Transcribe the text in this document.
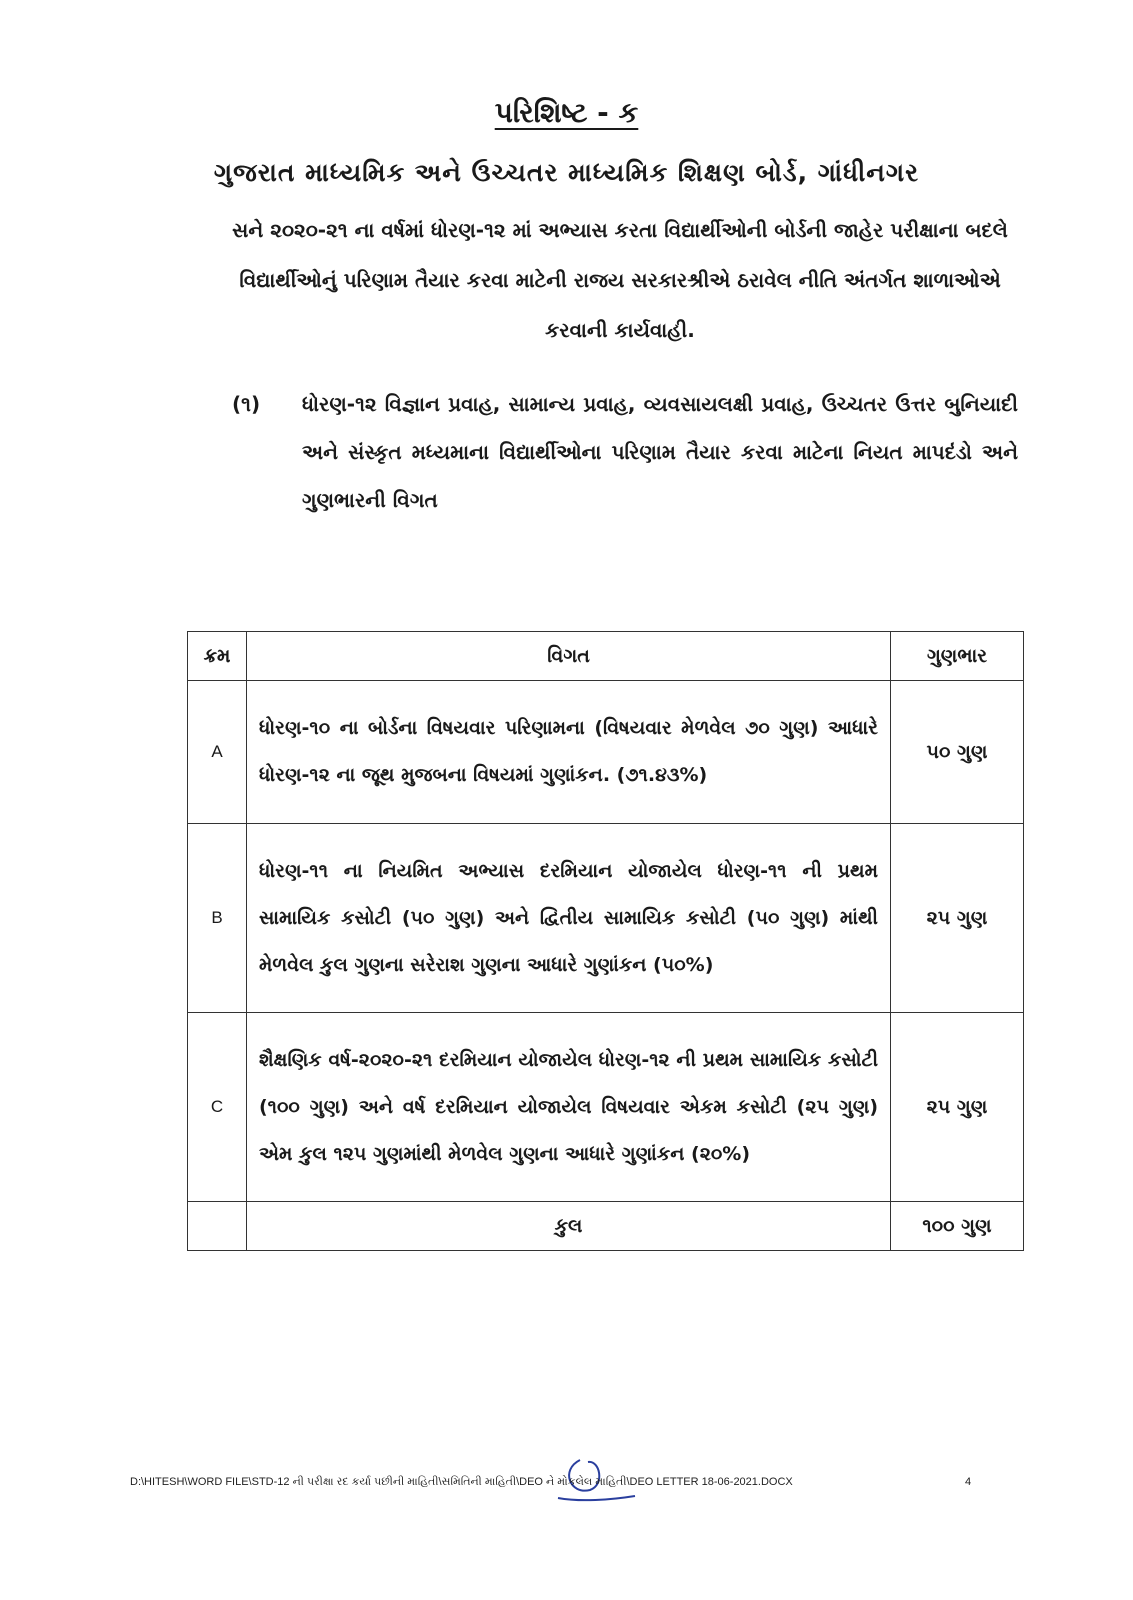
પરિશિષ્ટ - ક
ગુજરાત માધ્યમિક અને ઉચ્ચતર માધ્યમિક શિક્ષણ બોર્ડ, ગાંધીનગર
સને ૨૦૨૦-૨૧ ના વર્ષમાં ધોરણ-૧૨ માં અભ્યાસ કરતા વિદ્યાર્થીઓની બોર્ડની જાહેર પરીક્ષાના બદલે વિદ્યાર્થીઓનું પરિણામ તૈયાર કરવા માટેની રાજય સરકારશ્રીએ ઠરાવેલ નીતિ અંતર્ગત શાળાઓએ કરવાની કાર્યવાહી.
(૧) ધોરણ-૧૨ વિજ્ઞાન પ્રવાહ, સામાન્ય પ્રવાહ, વ્યવસાયલક્ષી પ્રવાહ, ઉચ્ચતર ઉત્તર બુનિયાદી અને સંસ્કૃત મધ્યમાના વિદ્યાર્થીઓના પરિણામ તૈયાર કરવા માટેના નિયત માપદંડો અને ગુણભારની વિગત
ક્રમ	વિગત	ગુણભાર
A	ધોરણ-૧૦ ના બોર્ડના વિષયવાર પરિણામના (વિષયવાર મેળવેલ ૭૦ ગુણ) આધારે ધોરણ-૧૨ ના જૂથ મુજબના વિષયમાં ગુણાંકન. (૭૧.૪૩%)	૫૦ ગુણ
B	ધોરણ-૧૧ ના નિયમિત અભ્યાસ દરમિયાન યોજાયેલ ધોરણ-૧૧ ની પ્રથમ સામાયિક કસોટી (૫૦ ગુણ) અને દ્વિતીય સામાયિક કસોટી (૫૦ ગુણ) માંથી મેળવેલ કુલ ગુણના સરેરાશ ગુણના આધારે ગુણાંકન (૫૦%)	૨૫ ગુણ
C	શૈક્ષણિક વર્ષ-૨૦૨૦-૨૧ દરમિયાન યોજાયેલ ધોરણ-૧૨ ની પ્રથમ સામાયિક કસોટી (૧૦૦ ગુણ) અને વર્ષ દરમિયાન યોજાયેલ વિષયવાર એકમ કસોટી (૨૫ ગુણ) એમ કુલ ૧૨૫ ગુણમાંથી મેળવેલ ગુણના આધારે ગુણાંકન (૨૦%)	૨૫ ગુણ
	કુલ	૧૦૦ ગુણ
D:\HITESH\WORD FILE\STD-12 ની પરીક્ષા રદ કર્યા પછીની માહિતી\સમિતિની માહિતી\DEO ને મોકલેલ માહિતી\DEO LETTER 18-06-2021.DOCX	4
